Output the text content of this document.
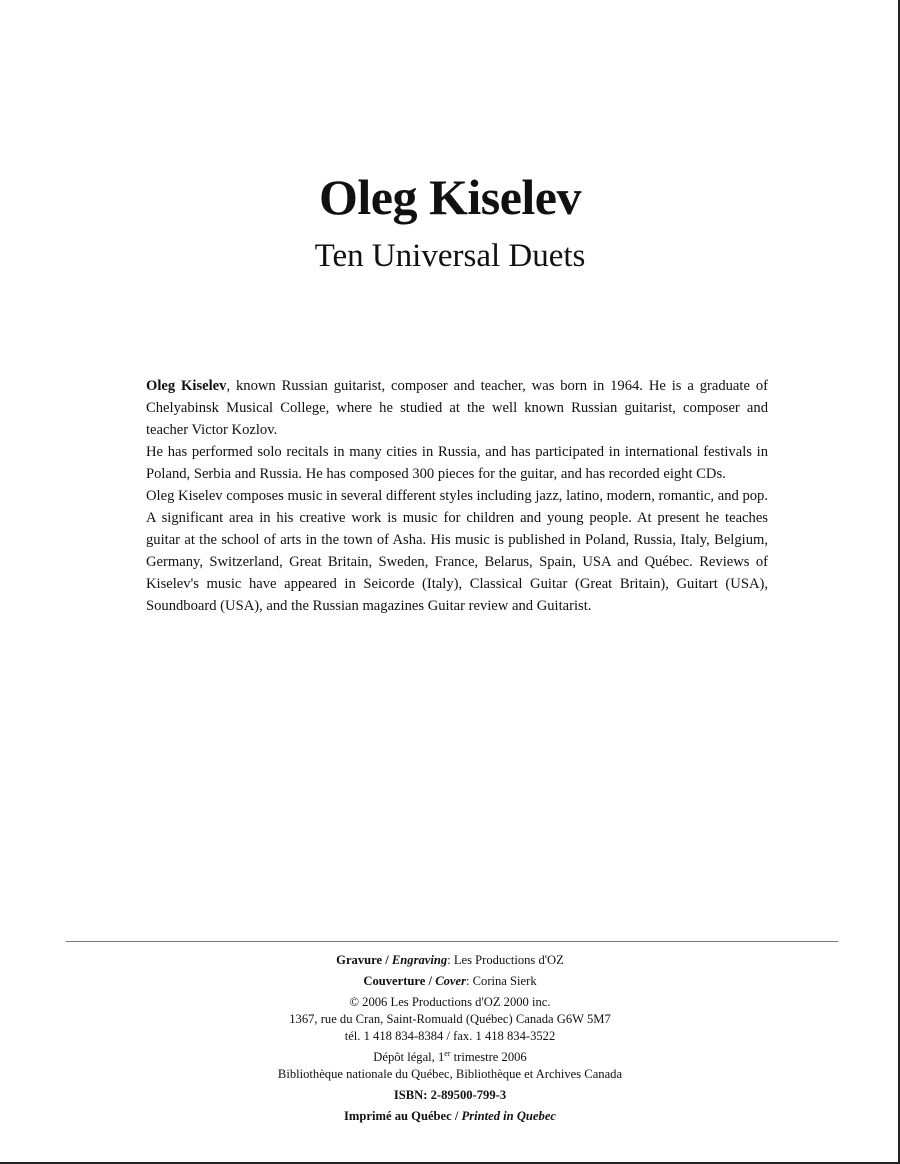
Oleg Kiselev
Ten Universal Duets

Oleg Kiselev, known Russian guitarist, composer and teacher, was born in 1964. He is a graduate of Chelyabinsk Musical College, where he studied at the well known Russian guitarist, composer and teacher Victor Kozlov.

He has performed solo recitals in many cities in Russia, and has participated in international festivals in Poland, Serbia and Russia. He has composed 300 pieces for the guitar, and has recorded eight CDs.

Oleg Kiselev composes music in several different styles including jazz, latino, modern, romantic, and pop. A significant area in his creative work is music for children and young people. At present he teaches guitar at the school of arts in the town of Asha. His music is published in Poland, Russia, Italy, Belgium, Germany, Switzerland, Great Britain, Sweden, France, Belarus, Spain, USA and Québec. Reviews of Kiselev's music have appeared in Seicorde (Italy), Classical Guitar (Great Britain), Guitart (USA), Soundboard (USA), and the Russian magazines Guitar review and Guitarist.

Gravure / Engraving: Les Productions d'OZ
Couverture / Cover: Corina Sierk
© 2006 Les Productions d'OZ 2000 inc.
1367, rue du Cran, Saint-Romuald (Québec) Canada G6W 5M7
tél. 1 418 834-8384 / fax. 1 418 834-3522
Dépôt légal, 1er trimestre 2006
Bibliothèque nationale du Québec, Bibliothèque et Archives Canada
ISBN: 2-89500-799-3
Imprimé au Québec / Printed in Quebec
